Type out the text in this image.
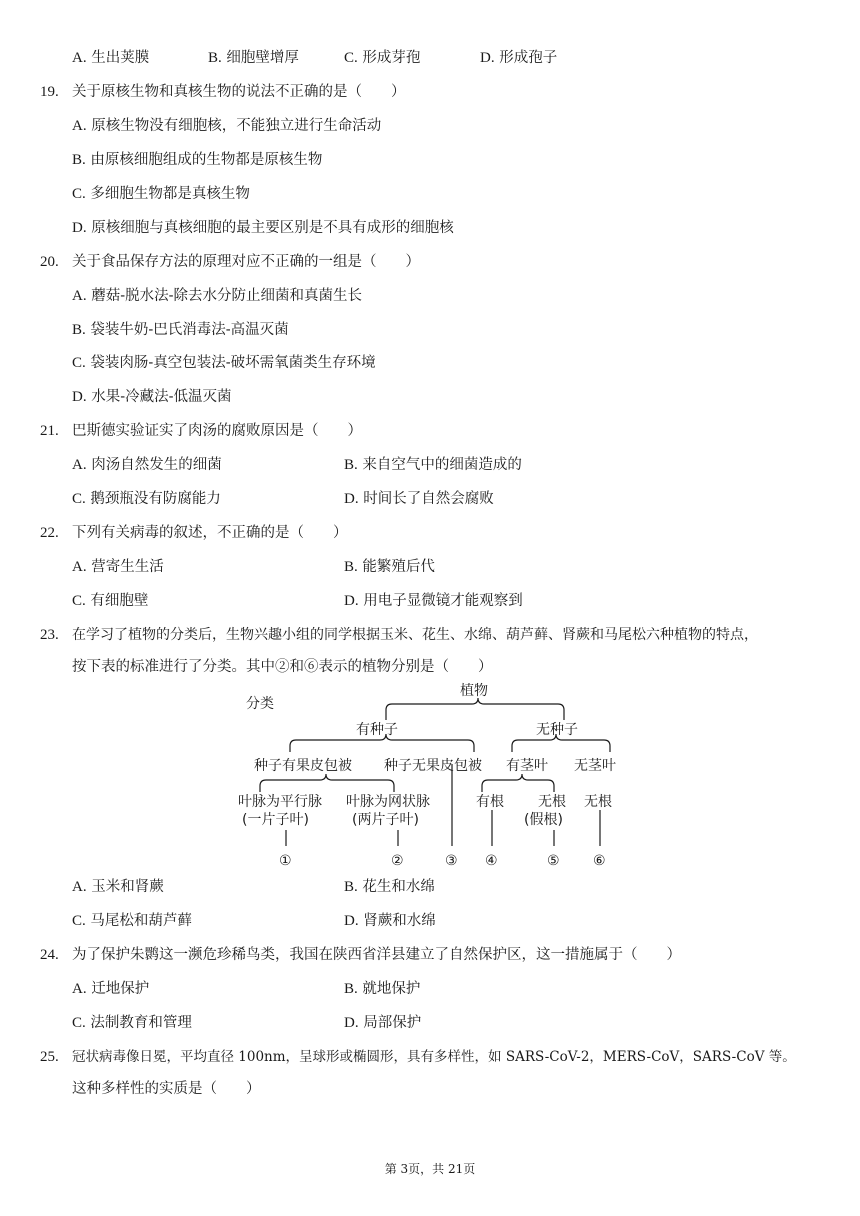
A. 生出荚膜	B. 细胞壁增厚	C. 形成芽孢	D. 形成孢子
19. 关于原核生物和真核生物的说法不正确的是（　　）
A. 原核生物没有细胞核，不能独立进行生命活动
B. 由原核细胞组成的生物都是原核生物
C. 多细胞生物都是真核生物
D. 原核细胞与真核细胞的最主要区别是不具有成形的细胞核
20. 关于食品保存方法的原理对应不正确的一组是（　　）
A. 蘑菇-脱水法-除去水分防止细菌和真菌生长
B. 袋装牛奶-巴氏消毒法-高温灭菌
C. 袋装肉肠-真空包装法-破坏需氧菌类生存环境
D. 水果-冷藏法-低温灭菌
21. 巴斯德实验证实了肉汤的腐败原因是（　　）
A. 肉汤自然发生的细菌	B. 来自空气中的细菌造成的
C. 鹅颈瓶没有防腐能力	D. 时间长了自然会腐败
22. 下列有关病毒的叙述，不正确的是（　　）
A. 营寄生生活	B. 能繁殖后代
C. 有细胞壁	D. 用电子显微镜才能观察到
23. 在学习了植物的分类后，生物兴趣小组的同学根据玉米、花生、水绵、葫芦藓、肾蕨和马尾松六种植物的特点，
按下表的标准进行了分类。其中②和⑥表示的植物分别是（　　）
分类
植物
有种子	无种子
种子有果皮包被 种子无果皮包被 有茎叶 无茎叶
叶脉为平行脉
(一片子叶)
叶脉为网状脉
(两片子叶)
有根 无根
(假根)
无根
①	②	③ ④	⑤ ⑥
A. 玉米和肾蕨	B. 花生和水绵
C. 马尾松和葫芦藓	D. 肾蕨和水绵
24. 为了保护朱鹮这一濒危珍稀鸟类，我国在陕西省洋县建立了自然保护区，这一措施属于（　　）
A. 迁地保护	B. 就地保护
C. 法制教育和管理	D. 局部保护
25. 冠状病毒像日冕，平均直径 100nm，呈球形或椭圆形，具有多样性，如 SARS-CoV-2，MERS-CoV，SARS-CoV 等。
这种多样性的实质是（　　）
第 3页，共 21页
